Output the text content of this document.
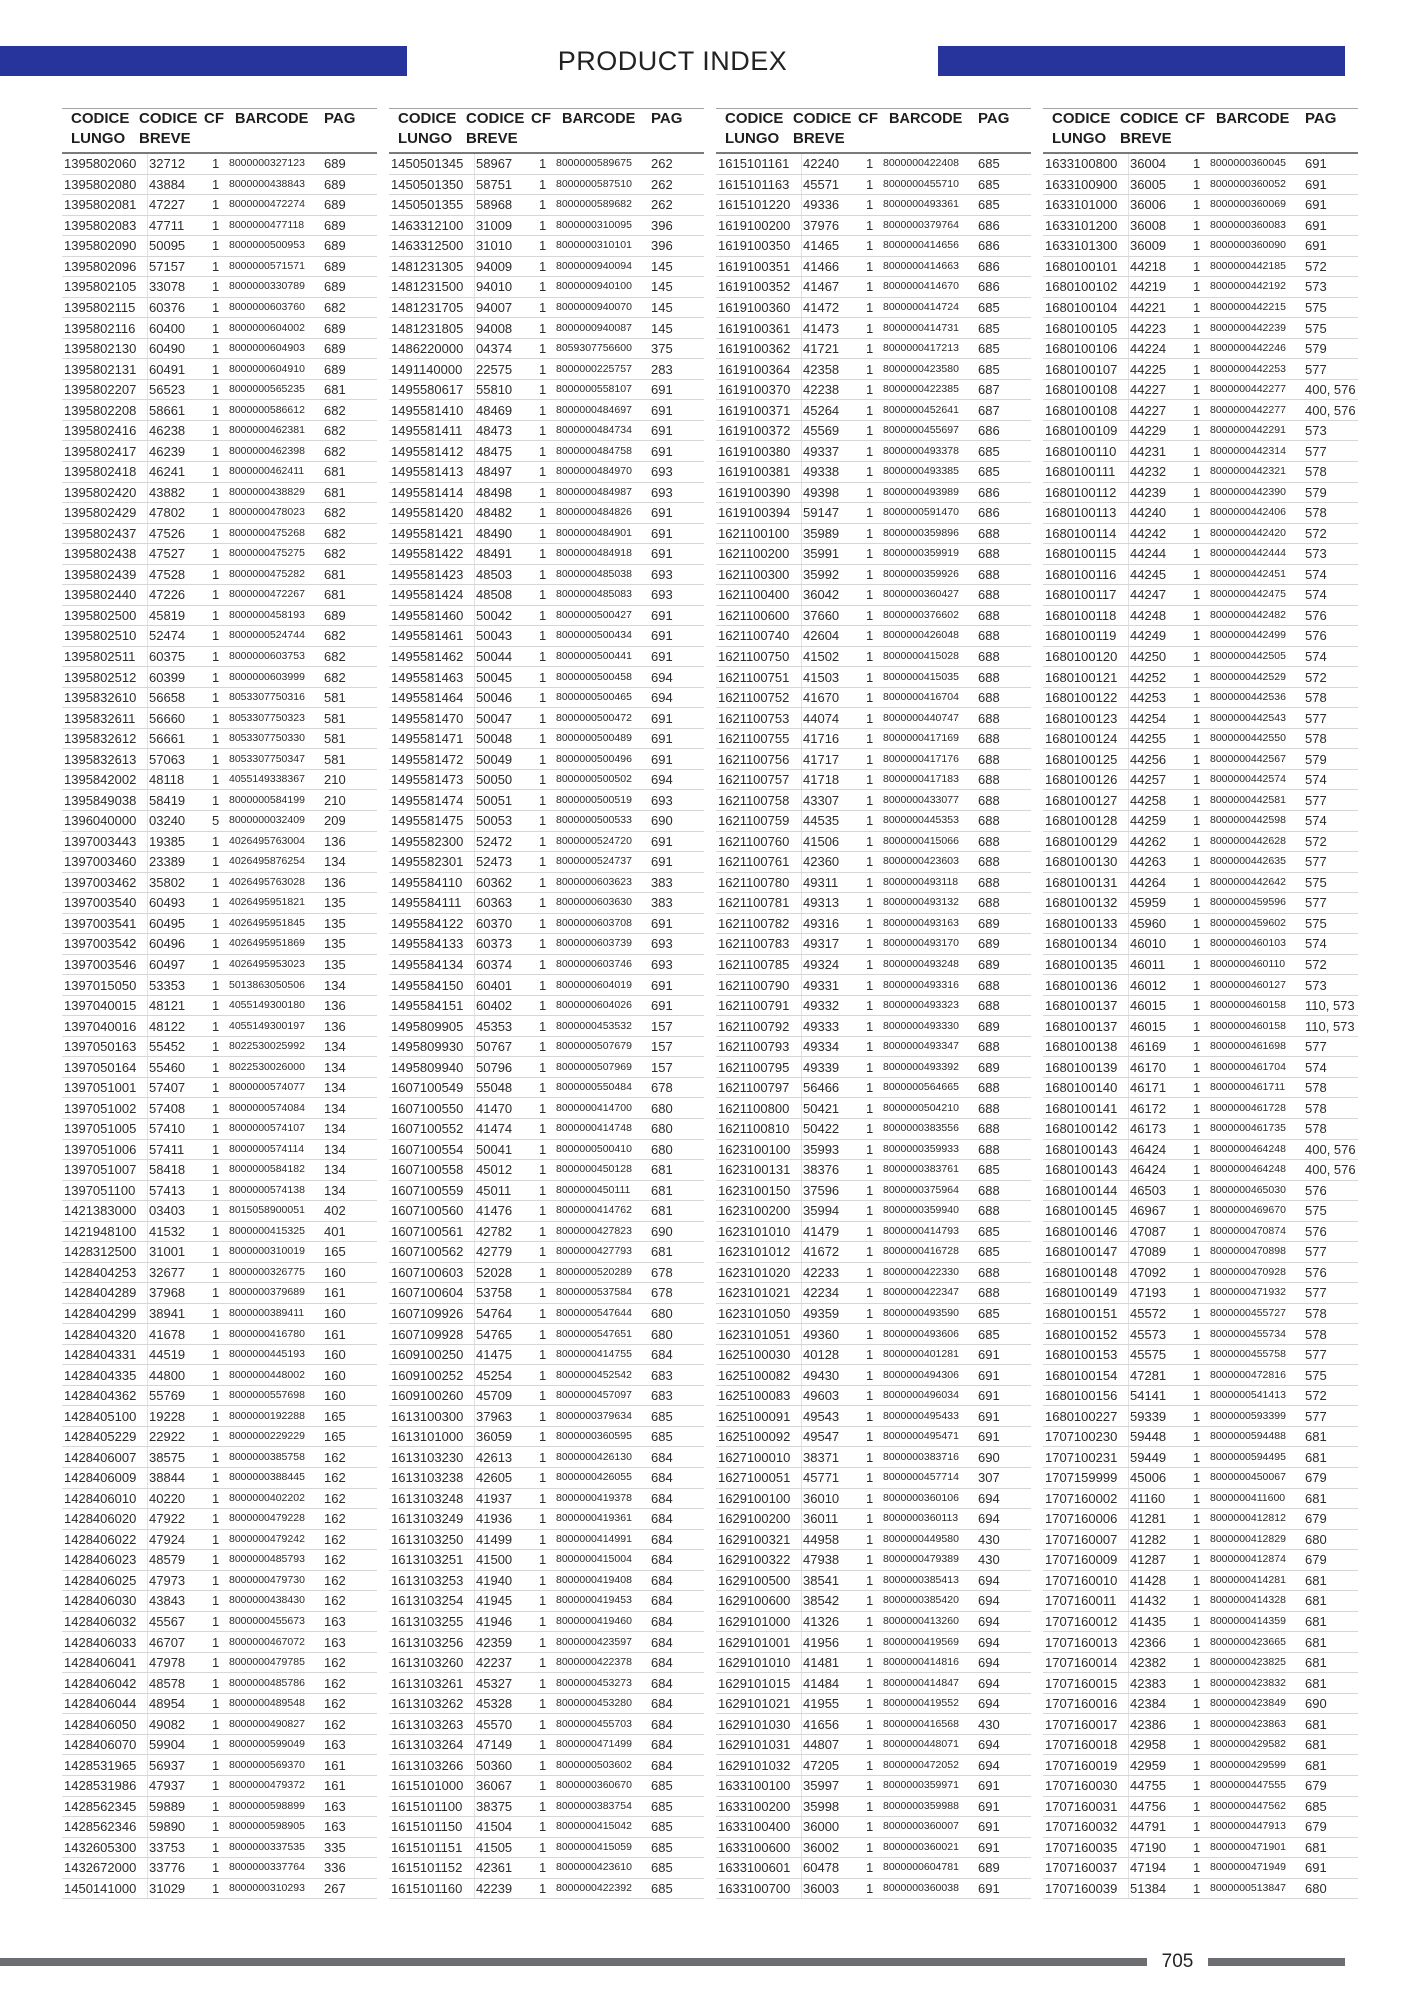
PRODUCT INDEX
CODICE
LUNGO
CODICE
BREVE
CF BARCODE	PAG
1395802060 32712	1 8000000327123	689
1395802080 43884	1 8000000438843	689
1395802081 47227	1 8000000472274	689
1395802083 47711	1 8000000477118	689
1395802090 50095	1 8000000500953	689
1395802096 57157	1 8000000571571	689
1395802105 33078	1 8000000330789	689
1395802115	60376	1 8000000603760	682
1395802116	60400	1 8000000604002	689
1395802130 60490	1 8000000604903	689
1395802131 60491	1 8000000604910	689
1395802207 56523	1 8000000565235	681
1395802208 58661	1 8000000586612	682
1395802416 46238	1 8000000462381	682
1395802417 46239	1 8000000462398	682
1395802418 46241	1 8000000462411	681
1395802420 43882	1 8000000438829	681
1395802429 47802	1 8000000478023	682
1395802437 47526	1 8000000475268	682
1395802438 47527	1 8000000475275	682
1395802439 47528	1 8000000475282	681
1395802440 47226	1 8000000472267	681
1395802500 45819	1 8000000458193	689
1395802510 52474	1 8000000524744	682
1395802511	60375	1 8000000603753	682
1395802512 60399	1 8000000603999	682
1395832610 56658	1 8053307750316	581
1395832611	56660	1 8053307750323	581
1395832612 56661	1 8053307750330	581
1395832613 57063	1 8053307750347	581
1395842002 48118	1 4055149338367	210
1395849038 58419	1 8000000584199	210
1396040000 03240	5 8000000032409	209
1397003443 19385	1 4026495763004	136
1397003460 23389	1 4026495876254	134
1397003462 35802	1 4026495763028	136
1397003540 60493	1 4026495951821	135
1397003541 60495	1 4026495951845	135
1397003542 60496	1 4026495951869	135
1397003546 60497	1 4026495953023	135
1397015050 53353	1 5013863050506	134
1397040015 48121	1 4055149300180	136
1397040016 48122	1 4055149300197	136
1397050163 55452	1 8022530025992	134
1397050164 55460	1 8022530026000	134
1397051001 57407	1 8000000574077	134
1397051002 57408	1 8000000574084	134
1397051005 57410	1 8000000574107	134
1397051006 57411	1 8000000574114	134
1397051007 58418	1 8000000584182	134
1397051100	57413	1 8000000574138	134
1421383000 03403	1 8015058900051	402
1421948100 41532	1 8000000415325	401
1428312500 31001	1 8000000310019	165
1428404253 32677	1 8000000326775	160
1428404289 37968	1 8000000379689	161
1428404299 38941	1 8000000389411	160
1428404320 41678	1 8000000416780	161
1428404331 44519	1 8000000445193	160
1428404335 44800	1 8000000448002	160
1428404362 55769	1 8000000557698	160
1428405100 19228	1 8000000192288	165
1428405229 22922	1 8000000229229	165
1428406007 38575	1 8000000385758	162
1428406009 38844	1 8000000388445	162
1428406010 40220	1 8000000402202	162
1428406020 47922	1 8000000479228	162
1428406022 47924	1 8000000479242	162
1428406023 48579	1 8000000485793	162
1428406025 47973	1 8000000479730	162
1428406030 43843	1 8000000438430	162
1428406032 45567	1 8000000455673	163
1428406033 46707	1 8000000467072	163
1428406041 47978	1 8000000479785	162
1428406042 48578	1 8000000485786	162
1428406044 48954	1 8000000489548	162
1428406050 49082	1 8000000490827	162
1428406070 59904	1 8000000599049	163
1428531965 56937	1 8000000569370	161
1428531986 47937	1 8000000479372	161
1428562345 59889	1 8000000598899	163
1428562346 59890	1 8000000598905	163
1432605300 33753	1 8000000337535	335
1432672000 33776	1 8000000337764	336
1450141000 31029	1 8000000310293	267
CODICE
LUNGO
CODICE
BREVE
CF BARCODE	PAG
1450501345 58967	1 8000000589675	262
1450501350 58751	1 8000000587510	262
1450501355 58968	1 8000000589682	262
1463312100 31009	1 8000000310095	396
1463312500 31010	1 8000000310101	396
1481231305 94009	1 8000000940094	145
1481231500 94010	1 8000000940100	145
1481231705 94007	1 8000000940070	145
1481231805 94008	1 8000000940087	145
1486220000 04374	1 8059307756600	375
1491140000	22575	1 8000000225757	283
1495580617 55810	1 8000000558107	691
1495581410 48469	1 8000000484697	691
1495581411	48473	1 8000000484734	691
1495581412 48475	1 8000000484758	691
1495581413 48497	1 8000000484970	693
1495581414 48498	1 8000000484987	693
1495581420 48482	1 8000000484826	691
1495581421 48490	1 8000000484901	691
1495581422 48491	1 8000000484918	691
1495581423 48503	1 8000000485038	693
1495581424 48508	1 8000000485083	693
1495581460 50042	1 8000000500427	691
1495581461 50043	1 8000000500434	691
1495581462 50044	1 8000000500441	691
1495581463 50045	1 8000000500458	694
1495581464 50046	1 8000000500465	694
1495581470 50047	1 8000000500472	691
1495581471 50048	1 8000000500489	691
1495581472 50049	1 8000000500496	691
1495581473 50050	1 8000000500502	694
1495581474 50051	1 8000000500519	693
1495581475 50053	1 8000000500533	690
1495582300 52472	1 8000000524720	691
1495582301 52473	1 8000000524737	691
1495584110	60362	1 8000000603623	383
1495584111	60363	1 8000000603630	383
1495584122 60370	1 8000000603708	691
1495584133 60373	1 8000000603739	693
1495584134 60374	1 8000000603746	693
1495584150 60401	1 8000000604019	691
1495584151 60402	1 8000000604026	691
1495809905 45353	1 8000000453532	157
1495809930 50767	1 8000000507679	157
1495809940 50796	1 8000000507969	157
1607100549 55048	1 8000000550484	678
1607100550 41470	1 8000000414700	680
1607100552 41474	1 8000000414748	680
1607100554 50041	1 8000000500410	680
1607100558 45012	1 8000000450128	681
1607100559 45011	1 8000000450111	681
1607100560 41476	1 8000000414762	681
1607100561 42782	1 8000000427823	690
1607100562 42779	1 8000000427793	681
1607100603 52028	1 8000000520289	678
1607100604 53758	1 8000000537584	678
1607109926 54764	1 8000000547644	680
1607109928 54765	1 8000000547651	680
1609100250 41475	1 8000000414755	684
1609100252 45254	1 8000000452542	683
1609100260 45709	1 8000000457097	683
1613100300 37963	1 8000000379634	685
1613101000 36059	1 8000000360595	685
1613103230 42613	1 8000000426130	684
1613103238 42605	1 8000000426055	684
1613103248 41937	1 8000000419378	684
1613103249 41936	1 8000000419361	684
1613103250 41499	1 8000000414991	684
1613103251 41500	1 8000000415004	684
1613103253 41940	1 8000000419408	684
1613103254 41945	1 8000000419453	684
1613103255 41946	1 8000000419460	684
1613103256 42359	1 8000000423597	684
1613103260 42237	1 8000000422378	684
1613103261 45327	1 8000000453273	684
1613103262 45328	1 8000000453280	684
1613103263 45570	1 8000000455703	684
1613103264 47149	1 8000000471499	684
1613103266 50360	1 8000000503602	684
1615101000 36067	1 8000000360670	685
1615101100	38375	1 8000000383754	685
1615101150	41504	1 8000000415042	685
1615101151	41505	1 8000000415059	685
1615101152	42361	1 8000000423610	685
1615101160	42239	1 8000000422392	685
CODICE
LUNGO
CODICE
BREVE
CF BARCODE	PAG
1615101161	42240	1 8000000422408	685
1615101163	45571	1 8000000455710	685
1615101220 49336	1 8000000493361	685
1619100200 37976	1 8000000379764	686
1619100350 41465	1 8000000414656	686
1619100351 41466	1 8000000414663	686
1619100352 41467	1 8000000414670	686
1619100360 41472	1 8000000414724	685
1619100361 41473	1 8000000414731	685
1619100362 41721	1 8000000417213	685
1619100364 42358	1 8000000423580	685
1619100370 42238	1 8000000422385	687
1619100371 45264	1 8000000452641	687
1619100372 45569	1 8000000455697	686
1619100380 49337	1 8000000493378	685
1619100381 49338	1 8000000493385	685
1619100390 49398	1 8000000493989	686
1619100394 59147	1 8000000591470	686
1621100100	35989	1 8000000359896	688
1621100200	35991	1 8000000359919	688
1621100300	35992	1 8000000359926	688
1621100400	36042	1 8000000360427	688
1621100600	37660	1 8000000376602	688
1621100740	42604	1 8000000426048	688
1621100750	41502	1 8000000415028	688
1621100751	41503	1 8000000415035	688
1621100752	41670	1 8000000416704	688
1621100753	44074	1 8000000440747	688
1621100755	41716	1 8000000417169	688
1621100756	41717	1 8000000417176	688
1621100757	41718	1 8000000417183	688
1621100758	43307	1 8000000433077	688
1621100759	44535	1 8000000445353	688
1621100760	41506	1 8000000415066	688
1621100761	42360	1 8000000423603	688
1621100780	49311	1 8000000493118	688
1621100781	49313	1 8000000493132	688
1621100782	49316	1 8000000493163	689
1621100783	49317	1 8000000493170	689
1621100785	49324	1 8000000493248	689
1621100790	49331	1 8000000493316	688
1621100791	49332	1 8000000493323	688
1621100792	49333	1 8000000493330	689
1621100793	49334	1 8000000493347	688
1621100795	49339	1 8000000493392	689
1621100797	56466	1 8000000564665	688
1621100800	50421	1 8000000504210	688
1621100810	50422	1 8000000383556	688
1623100100 35993	1 8000000359933	688
1623100131 38376	1 8000000383761	685
1623100150 37596	1 8000000375964	688
1623100200 35994	1 8000000359940	688
1623101010 41479	1 8000000414793	685
1623101012 41672	1 8000000416728	685
1623101020 42233	1 8000000422330	688
1623101021 42234	1 8000000422347	688
1623101050 49359	1 8000000493590	685
1623101051 49360	1 8000000493606	685
1625100030 40128	1 8000000401281	691
1625100082 49430	1 8000000494306	691
1625100083 49603	1 8000000496034	691
1625100091 49543	1 8000000495433	691
1625100092 49547	1 8000000495471	691
1627100010 38371	1 8000000383716	690
1627100051 45771	1 8000000457714	307
1629100100 36010	1 8000000360106	694
1629100200 36011	1 8000000360113	694
1629100321 44958	1 8000000449580	430
1629100322 47938	1 8000000479389	430
1629100500 38541	1 8000000385413	694
1629100600 38542	1 8000000385420	694
1629101000 41326	1 8000000413260	694
1629101001 41956	1 8000000419569	694
1629101010 41481	1 8000000414816	694
1629101015 41484	1 8000000414847	694
1629101021 41955	1 8000000419552	694
1629101030 41656	1 8000000416568	430
1629101031 44807	1 8000000448071	694
1629101032 47205	1 8000000472052	694
1633100100 35997	1 8000000359971	691
1633100200 35998	1 8000000359988	691
1633100400 36000	1 8000000360007	691
1633100600 36002	1 8000000360021	691
1633100601 60478	1 8000000604781	689
1633100700 36003	1 8000000360038	691
CODICE
LUNGO
CODICE
BREVE
CF BARCODE	PAG
1633100800 36004	1 8000000360045	691
1633100900 36005	1 8000000360052	691
1633101000 36006	1 8000000360069	691
1633101200 36008	1 8000000360083	691
1633101300 36009	1 8000000360090	691
1680100101 44218	1 8000000442185	572
1680100102 44219	1 8000000442192	573
1680100104 44221	1 8000000442215	575
1680100105 44223	1 8000000442239	575
1680100106 44224	1 8000000442246	579
1680100107 44225	1 8000000442253	577
1680100108 44227	1 8000000442277	400, 576
1680100108 44227	1 8000000442277	400, 576
1680100109 44229	1 8000000442291	573
1680100110	44231	1 8000000442314	577
1680100111	44232	1 8000000442321	578
1680100112	44239	1 8000000442390	579
1680100113	44240	1 8000000442406	578
1680100114	44242	1 8000000442420	572
1680100115	44244	1 8000000442444	573
1680100116	44245	1 8000000442451	574
1680100117	44247	1 8000000442475	574
1680100118	44248	1 8000000442482	576
1680100119	44249	1 8000000442499	576
1680100120 44250	1 8000000442505	574
1680100121 44252	1 8000000442529	572
1680100122 44253	1 8000000442536	578
1680100123 44254	1 8000000442543	577
1680100124 44255	1 8000000442550	578
1680100125 44256	1 8000000442567	579
1680100126 44257	1 8000000442574	574
1680100127 44258	1 8000000442581	577
1680100128 44259	1 8000000442598	574
1680100129 44262	1 8000000442628	572
1680100130 44263	1 8000000442635	577
1680100131 44264	1 8000000442642	575
1680100132 45959	1 8000000459596	577
1680100133 45960	1 8000000459602	575
1680100134 46010	1 8000000460103	574
1680100135 46011	1 8000000460110	572
1680100136 46012	1 8000000460127	573
1680100137 46015	1 8000000460158	110, 573
1680100137 46015	1 8000000460158	110, 573
1680100138 46169	1 8000000461698	577
1680100139 46170	1 8000000461704	574
1680100140 46171	1 8000000461711	578
1680100141 46172	1 8000000461728	578
1680100142 46173	1 8000000461735	578
1680100143 46424	1 8000000464248	400, 576
1680100143 46424	1 8000000464248	400, 576
1680100144 46503	1 8000000465030	576
1680100145 46967	1 8000000469670	575
1680100146 47087	1 8000000470874	576
1680100147 47089	1 8000000470898	577
1680100148 47092	1 8000000470928	576
1680100149 47193	1 8000000471932	577
1680100151 45572	1 8000000455727	578
1680100152 45573	1 8000000455734	578
1680100153 45575	1 8000000455758	577
1680100154 47281	1 8000000472816	575
1680100156 54141	1 8000000541413	572
1680100227 59339	1 8000000593399	577
1707100230 59448	1 8000000594488	681
1707100231 59449	1 8000000594495	681
1707159999 45006	1 8000000450067	679
1707160002 41160	1 8000000411600	681
1707160006 41281	1 8000000412812	679
1707160007 41282	1 8000000412829	680
1707160009 41287	1 8000000412874	679
1707160010 41428	1 8000000414281	681
1707160011	41432	1 8000000414328	681
1707160012 41435	1 8000000414359	681
1707160013 42366	1 8000000423665	681
1707160014 42382	1 8000000423825	681
1707160015 42383	1 8000000423832	681
1707160016 42384	1 8000000423849	690
1707160017 42386	1 8000000423863	681
1707160018 42958	1 8000000429582	681
1707160019 42959	1 8000000429599	681
1707160030 44755	1 8000000447555	679
1707160031 44756	1 8000000447562	685
1707160032 44791	1 8000000447913	679
1707160035 47190	1 8000000471901	681
1707160037 47194	1 8000000471949	691
1707160039 51384	1 8000000513847	680
705
